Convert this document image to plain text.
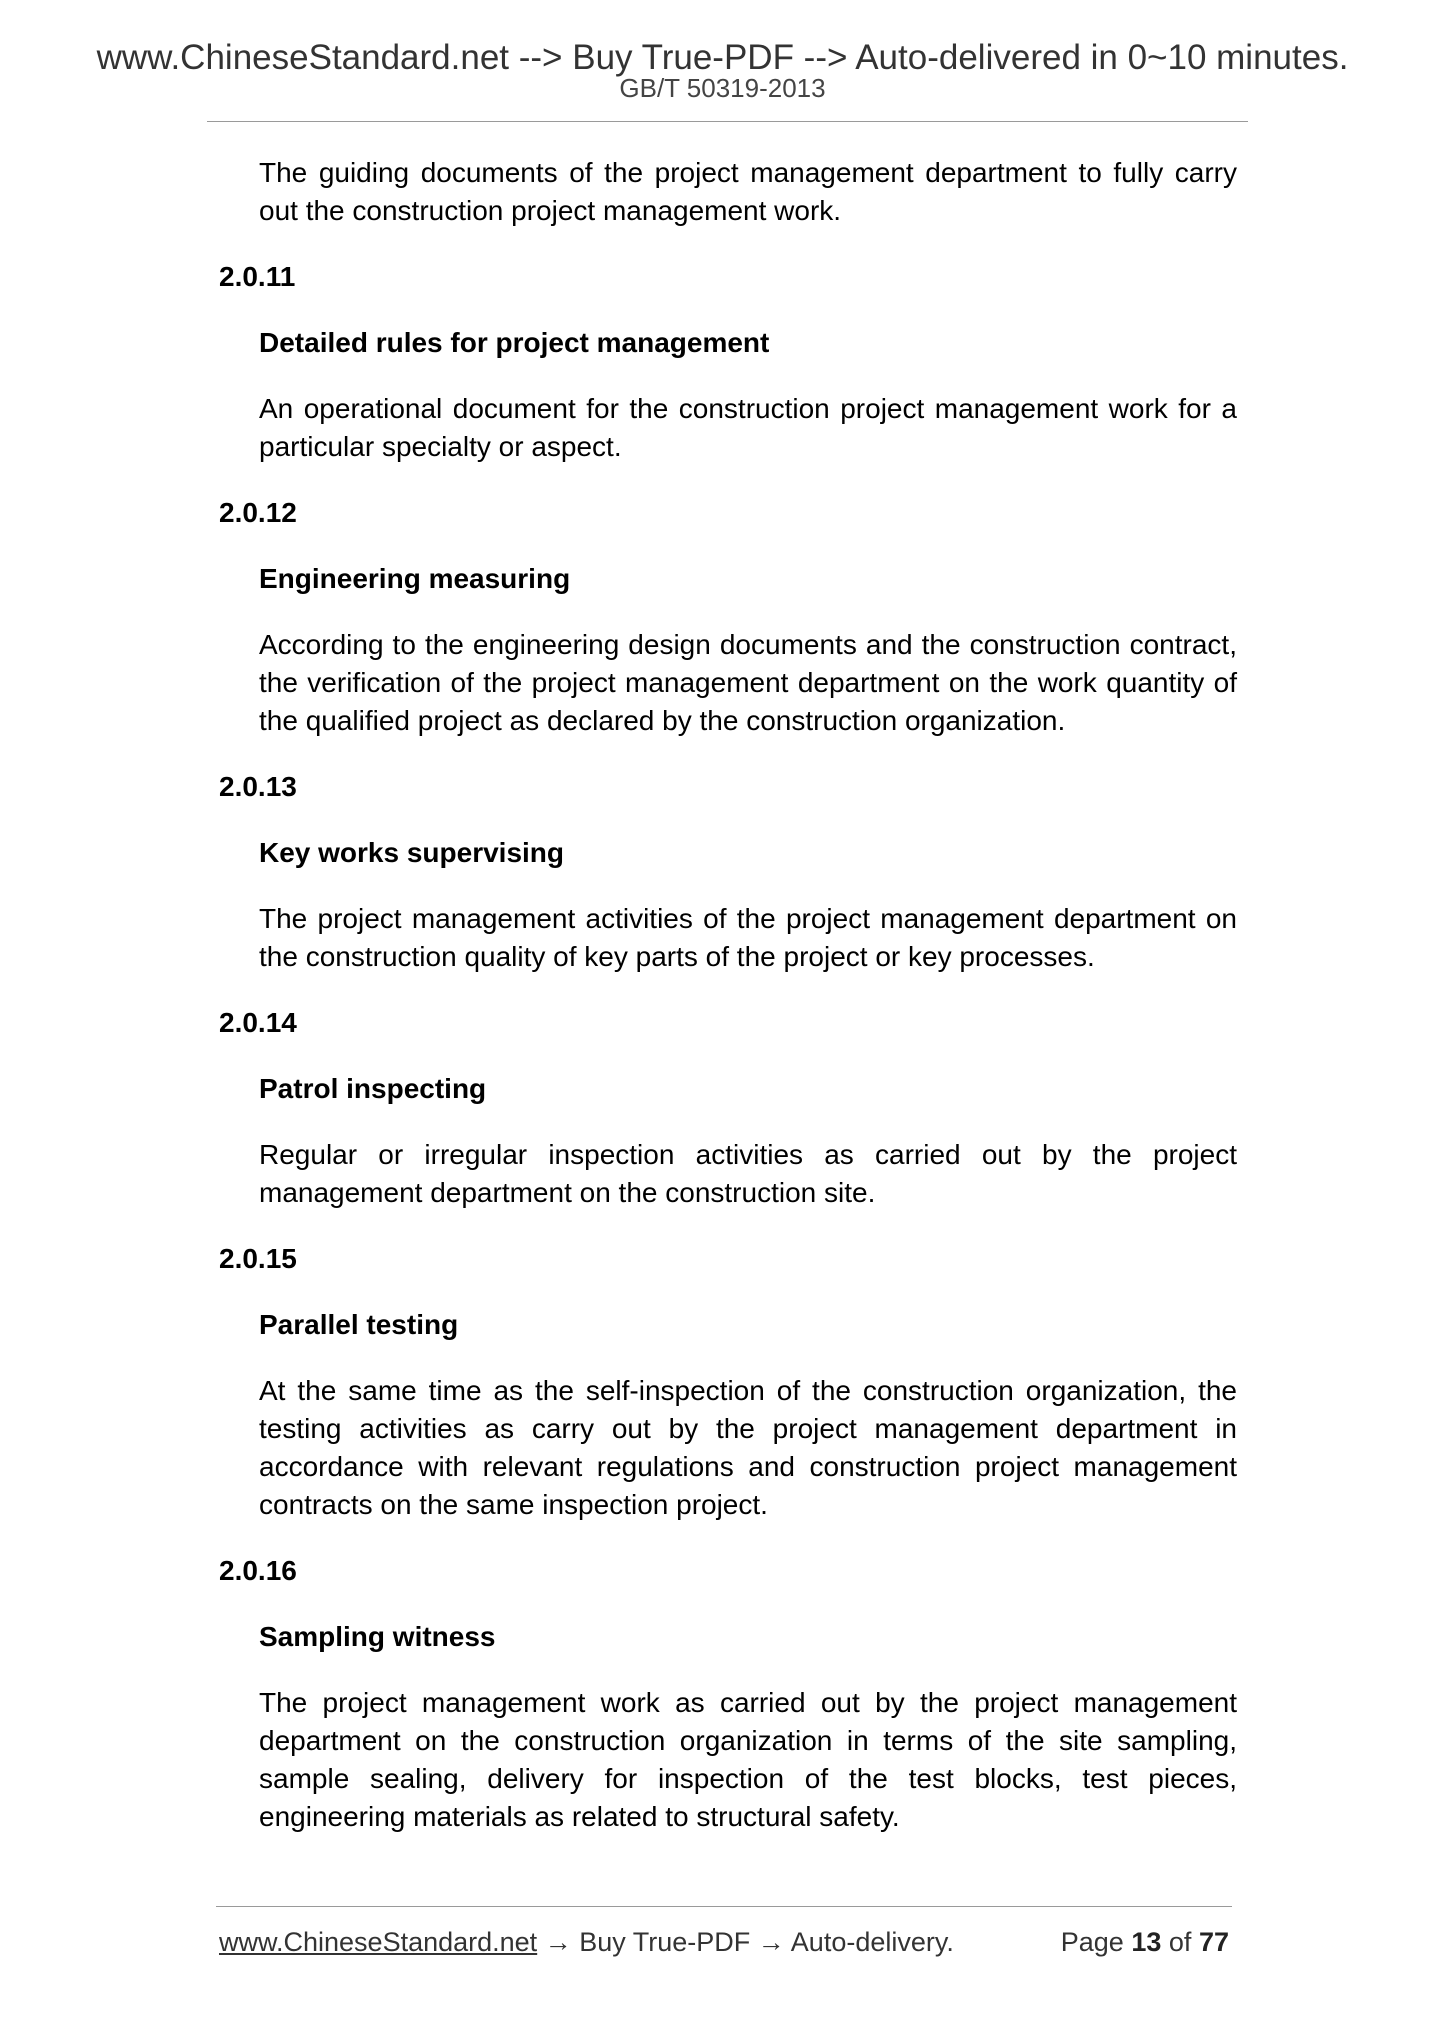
www.ChineseStandard.net --> Buy True-PDF --> Auto-delivered in 0~10 minutes.
GB/T 50319-2013

The guiding documents of the project management department to fully carry out the construction project management work.

2.0.11

Detailed rules for project management

An operational document for the construction project management work for a particular specialty or aspect.

2.0.12

Engineering measuring

According to the engineering design documents and the construction contract, the verification of the project management department on the work quantity of the qualified project as declared by the construction organization.

2.0.13

Key works supervising

The project management activities of the project management department on the construction quality of key parts of the project or key processes.

2.0.14

Patrol inspecting

Regular or irregular inspection activities as carried out by the project management department on the construction site.

2.0.15

Parallel testing

At the same time as the self-inspection of the construction organization, the testing activities as carry out by the project management department in accordance with relevant regulations and construction project management contracts on the same inspection project.

2.0.16

Sampling witness

The project management work as carried out by the project management department on the construction organization in terms of the site sampling, sample sealing, delivery for inspection of the test blocks, test pieces, engineering materials as related to structural safety.

www.ChineseStandard.net → Buy True-PDF → Auto-delivery.	Page 13 of 77
